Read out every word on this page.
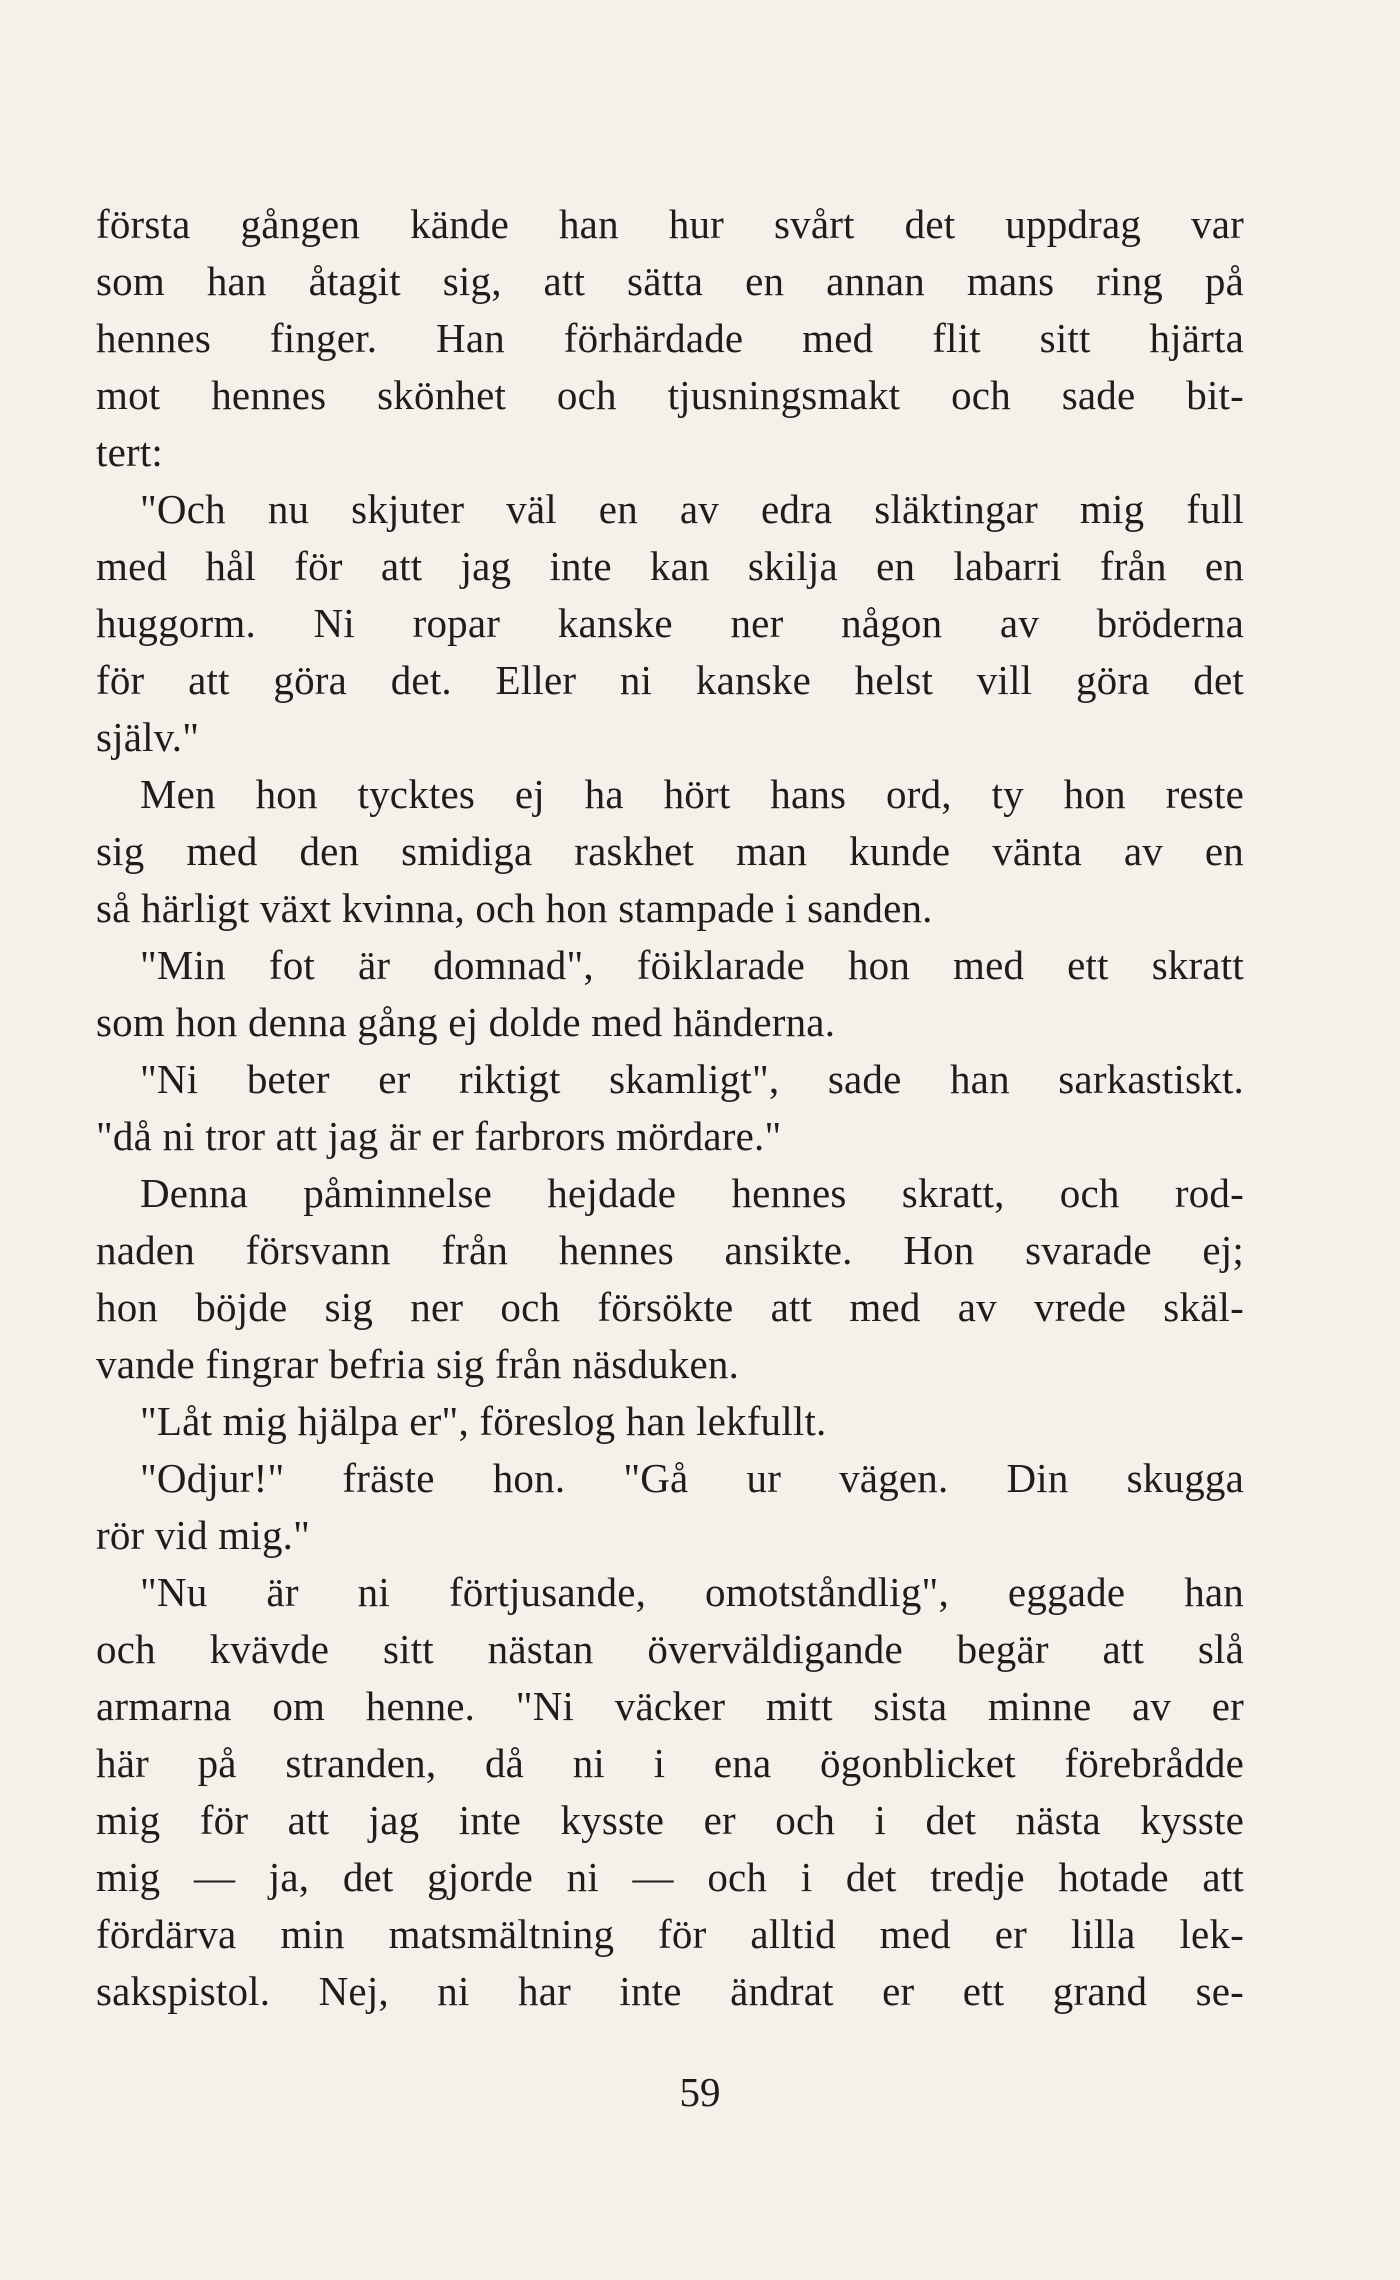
första gången kände han hur svårt det uppdrag var
som han åtagit sig, att sätta en annan mans ring på
hennes finger. Han förhärdade med flit sitt hjärta
mot hennes skönhet och tjusningsmakt och sade bit-
tert:
"Och nu skjuter väl en av edra släktingar mig full
med hål för att jag inte kan skilja en labarri från en
huggorm. Ni ropar kanske ner någon av bröderna
för att göra det. Eller ni kanske helst vill göra det
själv."
Men hon tycktes ej ha hört hans ord, ty hon reste
sig med den smidiga raskhet man kunde vänta av en
så härligt växt kvinna, och hon stampade i sanden.
"Min fot är domnad", föiklarade hon med ett skratt
som hon denna gång ej dolde med händerna.
"Ni beter er riktigt skamligt", sade han sarkastiskt.
"då ni tror att jag är er farbrors mördare."
Denna påminnelse hejdade hennes skratt, och rod-
naden försvann från hennes ansikte. Hon svarade ej;
hon böjde sig ner och försökte att med av vrede skäl-
vande fingrar befria sig från näsduken.
"Låt mig hjälpa er", föreslog han lekfullt.
"Odjur!" fräste hon. "Gå ur vägen. Din skugga
rör vid mig."
"Nu är ni förtjusande, omotståndlig", eggade han
och kvävde sitt nästan överväldigande begär att slå
armarna om henne. "Ni väcker mitt sista minne av er
här på stranden, då ni i ena ögonblicket förebrådde
mig för att jag inte kysste er och i det nästa kysste
mig — ja, det gjorde ni — och i det tredje hotade att
fördärva min matsmältning för alltid med er lilla lek-
sakspistol. Nej, ni har inte ändrat er ett grand se-
59
